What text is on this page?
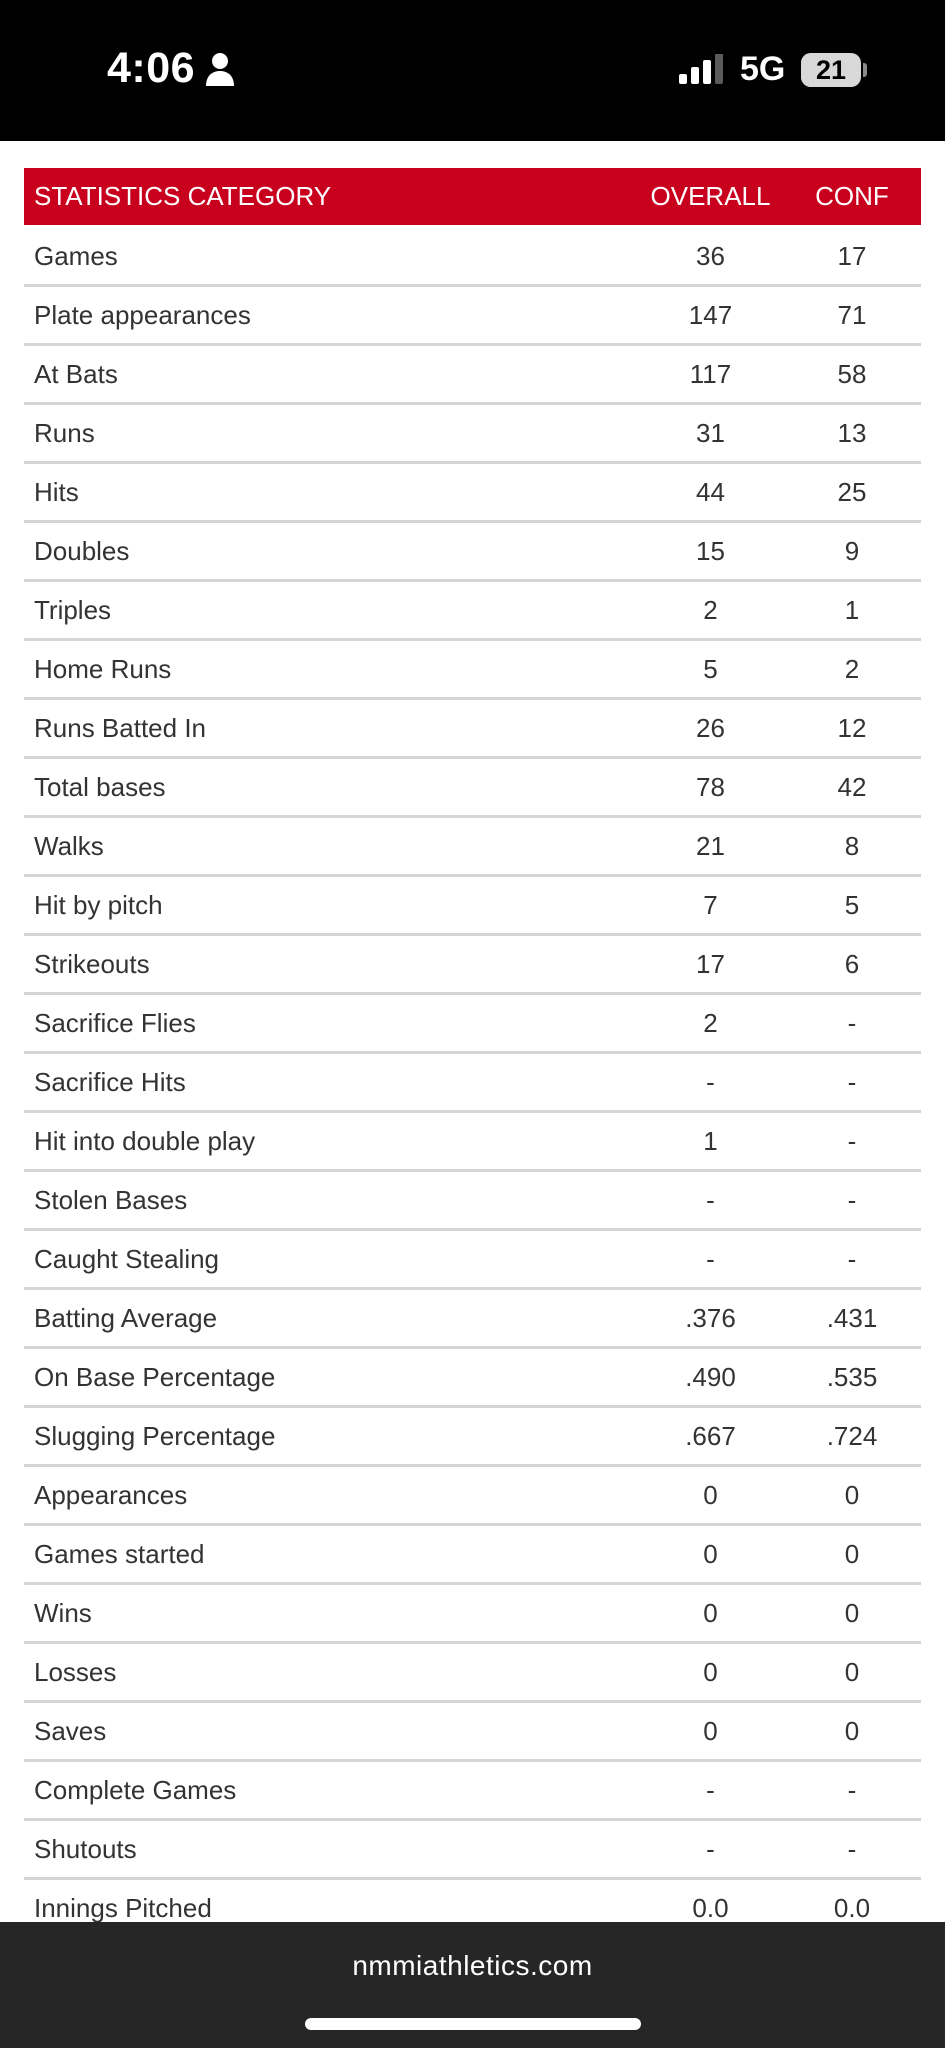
4:06	5G	21
STATISTICS CATEGORY	OVERALL	CONF
Games	36	17
Plate appearances	147	71
At Bats	117	58
Runs	31	13
Hits	44	25
Doubles	15	9
Triples	2	1
Home Runs	5	2
Runs Batted In	26	12
Total bases	78	42
Walks	21	8
Hit by pitch	7	5
Strikeouts	17	6
Sacrifice Flies	2	-
Sacrifice Hits	-	-
Hit into double play	1	-
Stolen Bases	-	-
Caught Stealing	-	-
Batting Average	.376	.431
On Base Percentage	.490	.535
Slugging Percentage	.667	.724
Appearances	0	0
Games started	0	0
Wins	0	0
Losses	0	0
Saves	0	0
Complete Games	-	-
Shutouts	-	-
Innings Pitched	0.0	0.0
nmmiathletics.com
